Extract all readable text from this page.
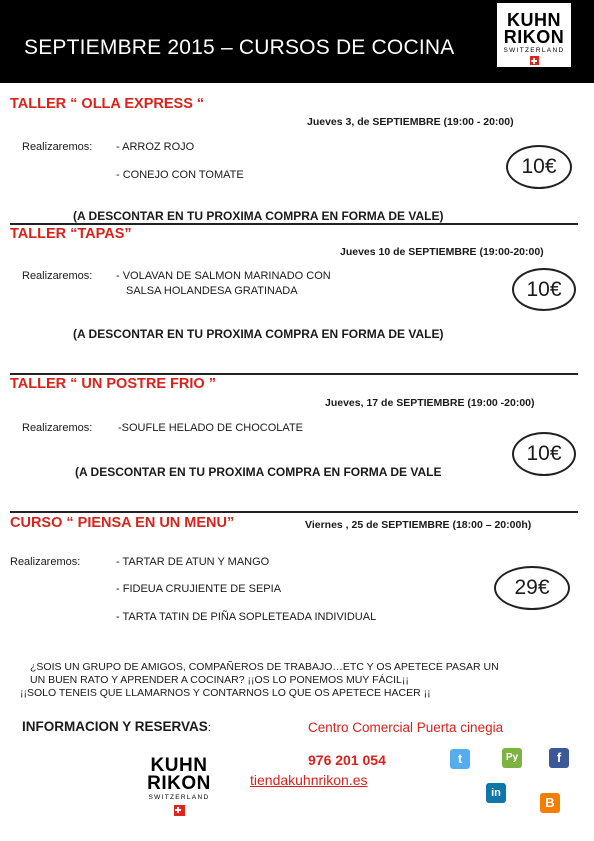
SEPTIEMBRE 2015 – CURSOS DE COCINA
KUHN
RIKON
SWITZERLAND
TALLER “ OLLA EXPRESS “
Jueves 3, de SEPTIEMBRE (19:00 - 20:00)
Realizaremos: - ARROZ ROJO
- CONEJO CON TOMATE	10€
(A DESCONTAR EN TU PROXIMA COMPRA EN FORMA DE VALE)
TALLER “TAPAS”
Jueves 10 de SEPTIEMBRE (19:00-20:00)
Realizaremos: - VOLAVAN DE SALMON MARINADO CON
SALSA HOLANDESA GRATINADA	10€
(A DESCONTAR EN TU PROXIMA COMPRA EN FORMA DE VALE)
TALLER “ UN POSTRE FRIO ”
Jueves, 17 de SEPTIEMBRE (19:00 -20:00)
Realizaremos: -SOUFLE HELADO DE CHOCOLATE
10€
(A DESCONTAR EN TU PROXIMA COMPRA EN FORMA DE VALE
CURSO “ PIENSA EN UN MENU”	Viernes , 25 de SEPTIEMBRE (18:00 – 20:00h)
Realizaremos:	- TARTAR DE ATUN Y MANGO
- FIDEUA CRUJIENTE DE SEPIA
- TARTA TATIN DE PIÑA SOPLETEADA INDIVIDUAL
29€
¿SOIS UN GRUPO DE AMIGOS, COMPAÑEROS DE TRABAJO…ETC Y OS APETECE PASAR UN
UN BUEN RATO Y APRENDER A COCINAR? ¡¡OS LO PONEMOS MUY FÁCIL¡¡
¡¡SOLO TENEIS QUE LLAMARNOS Y CONTARNOS LO QUE OS APETECE HACER ¡¡
INFORMACION Y RESERVAS:	Centro Comercial Puerta cinegia
976 201 054
tiendakuhnrikon.es
KUHN
RIKON
SWITZERLAND
t	Py	f
in
B
